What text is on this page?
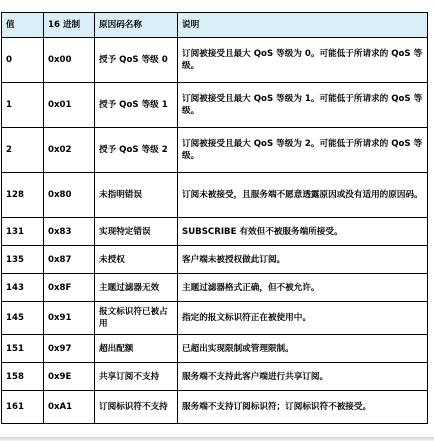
值	16 进制	原因码名称	说明
0	0x00	授予 QoS 等级 0	订阅被接受且最大 QoS 等级为 0。可能低于所请求的 QoS 等级。
1	0x01	授予 QoS 等级 1	订阅被接受且最大 QoS 等级为 1。可能低于所请求的 QoS 等级。
2	0x02	授予 QoS 等级 2	订阅被接受且最大 QoS 等级为 2。可能低于所请求的 QoS 等级。
128	0x80	未指明错误	订阅未被接受，且服务端不愿意透露原因或没有适用的原因码。
131	0x83	实现特定错误	SUBSCRIBE 有效但不被服务端所接受。
135	0x87	未授权	客户端未被授权做此订阅。
143	0x8F	主题过滤器无效	主题过滤器格式正确，但不被允许。
145	0x91	报文标识符已被占用	指定的报文标识符正在被使用中。
151	0x97	超出配额	已超出实现限制或管理限制。
158	0x9E	共享订阅不支持	服务端不支持此客户端进行共享订阅。
161	0xA1	订阅标识符不支持	服务端不支持订阅标识符；订阅标识符不被接受。
